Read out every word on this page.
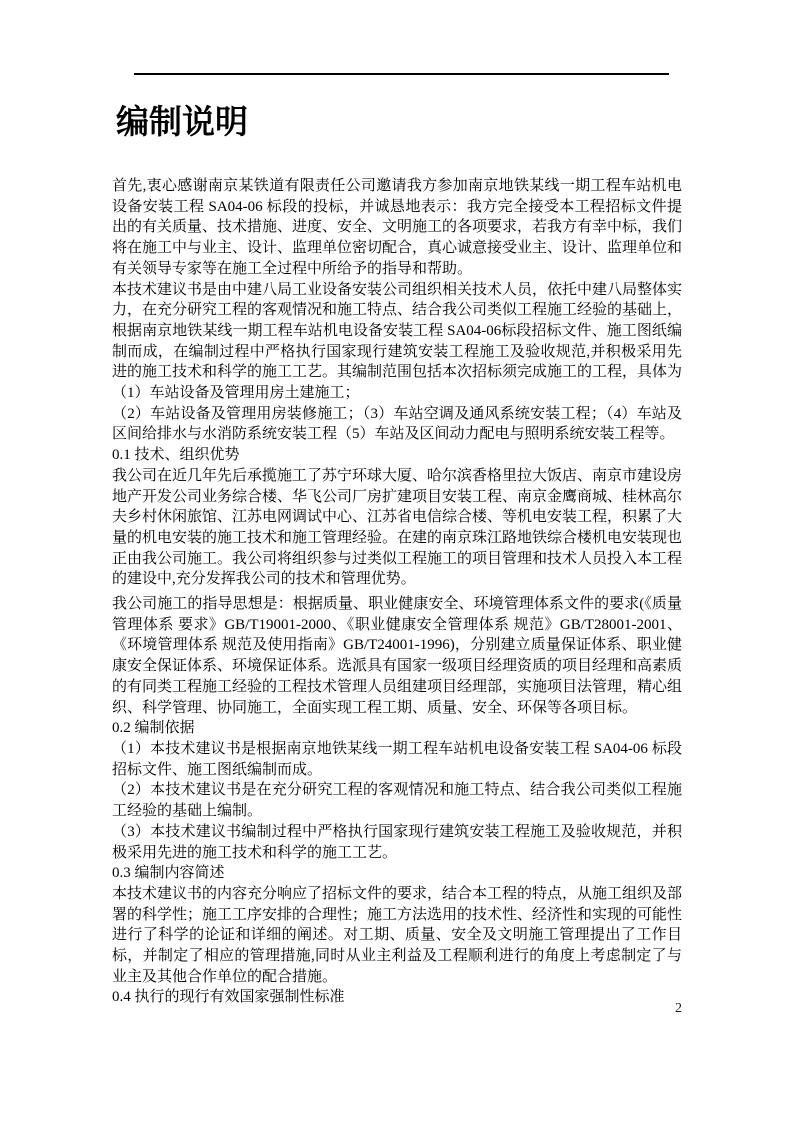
编制说明

首先,衷心感谢南京某铁道有限责任公司邀请我方参加南京地铁某线一期工程车站机电设备安装工程 SA04-06 标段的投标，并诚恳地表示：我方完全接受本工程招标文件提出的有关质量、技术措施、进度、安全、文明施工的各项要求，若我方有幸中标，我们将在施工中与业主、设计、监理单位密切配合，真心诚意接受业主、设计、监理单位和有关领导专家等在施工全过程中所给予的指导和帮助。

本技术建议书是由中建八局工业设备安装公司组织相关技术人员，依托中建八局整体实力，在充分研究工程的客观情况和施工特点、结合我公司类似工程施工经验的基础上，根据南京地铁某线一期工程车站机电设备安装工程 SA04-06标段招标文件、施工图纸编制而成，在编制过程中严格执行国家现行建筑安装工程施工及验收规范,并积极采用先进的施工技术和科学的施工工艺。其编制范围包括本次招标须完成施工的工程，具体为（1）车站设备及管理用房土建施工；

（2）车站设备及管理用房装修施工；（3）车站空调及通风系统安装工程；（4）车站及区间给排水与水消防系统安装工程（5）车站及区间动力配电与照明系统安装工程等。

0.1 技术、组织优势

我公司在近几年先后承揽施工了苏宁环球大厦、哈尔滨香格里拉大饭店、南京市建设房地产开发公司业务综合楼、华飞公司厂房扩建项目安装工程、南京金鹰商城、桂林高尔夫乡村休闲旅馆、江苏电网调试中心、江苏省电信综合楼、等机电安装工程，积累了大量的机电安装的施工技术和施工管理经验。在建的南京珠江路地铁综合楼机电安装现也正由我公司施工。我公司将组织参与过类似工程施工的项目管理和技术人员投入本工程的建设中,充分发挥我公司的技术和管理优势。

我公司施工的指导思想是：根据质量、职业健康安全、环境管理体系文件的要求(《质量管理体系 要求》GB/T19001-2000、《职业健康安全管理体系 规范》GB/T28001-2001、《环境管理体系 规范及使用指南》GB/T24001-1996)，分别建立质量保证体系、职业健康安全保证体系、环境保证体系。选派具有国家一级项目经理资质的项目经理和高素质的有同类工程施工经验的工程技术管理人员组建项目经理部，实施项目法管理，精心组织、科学管理、协同施工，全面实现工程工期、质量、安全、环保等各项目标。

0.2 编制依据

（1）本技术建议书是根据南京地铁某线一期工程车站机电设备安装工程 SA04-06 标段招标文件、施工图纸编制而成。

（2）本技术建议书是在充分研究工程的客观情况和施工特点、结合我公司类似工程施工经验的基础上编制。

（3）本技术建议书编制过程中严格执行国家现行建筑安装工程施工及验收规范，并积极采用先进的施工技术和科学的施工工艺。

0.3 编制内容简述

本技术建议书的内容充分响应了招标文件的要求，结合本工程的特点，从施工组织及部署的科学性；施工工序安排的合理性；施工方法选用的技术性、经济性和实现的可能性进行了科学的论证和详细的阐述。对工期、质量、安全及文明施工管理提出了工作目标，并制定了相应的管理措施,同时从业主利益及工程顺利进行的角度上考虑制定了与业主及其他合作单位的配合措施。

0.4 执行的现行有效国家强制性标准

2
